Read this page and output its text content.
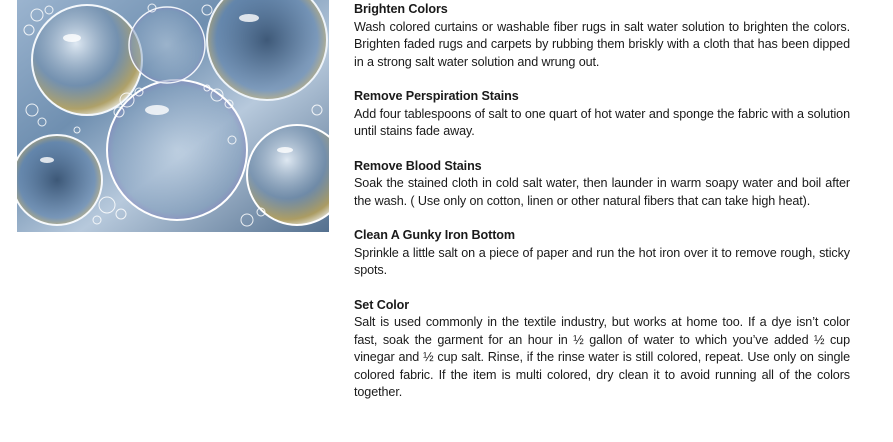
Brighten Colors

Wash colored curtains or washable fiber rugs in salt water solution to brighten the colors. Brighten faded rugs and carpets by rubbing them briskly with a cloth that has been dipped in a strong salt water solution and wrung out.

Remove Perspiration Stains

Add four tablespoons of salt to one quart of hot water and sponge the fabric with a solution until stains fade away.

Remove Blood Stains

Soak the stained cloth in cold salt water, then launder in warm soapy water and boil after the wash. ( Use only on cotton, linen or other natural fibers that can take high heat).

Clean A Gunky Iron Bottom

Sprinkle a little salt on a piece of paper and run the hot iron over it to remove rough, sticky spots.

Set Color

Salt is used commonly in the textile industry, but works at home too. If a dye isn’t color fast, soak the garment for an hour in ½ gallon of water to which you’ve added ½ cup vinegar and ½ cup salt. Rinse, if the rinse water is still colored, repeat. Use only on single colored fabric. If the item is multi colored, dry clean it to avoid running all of the colors together.
